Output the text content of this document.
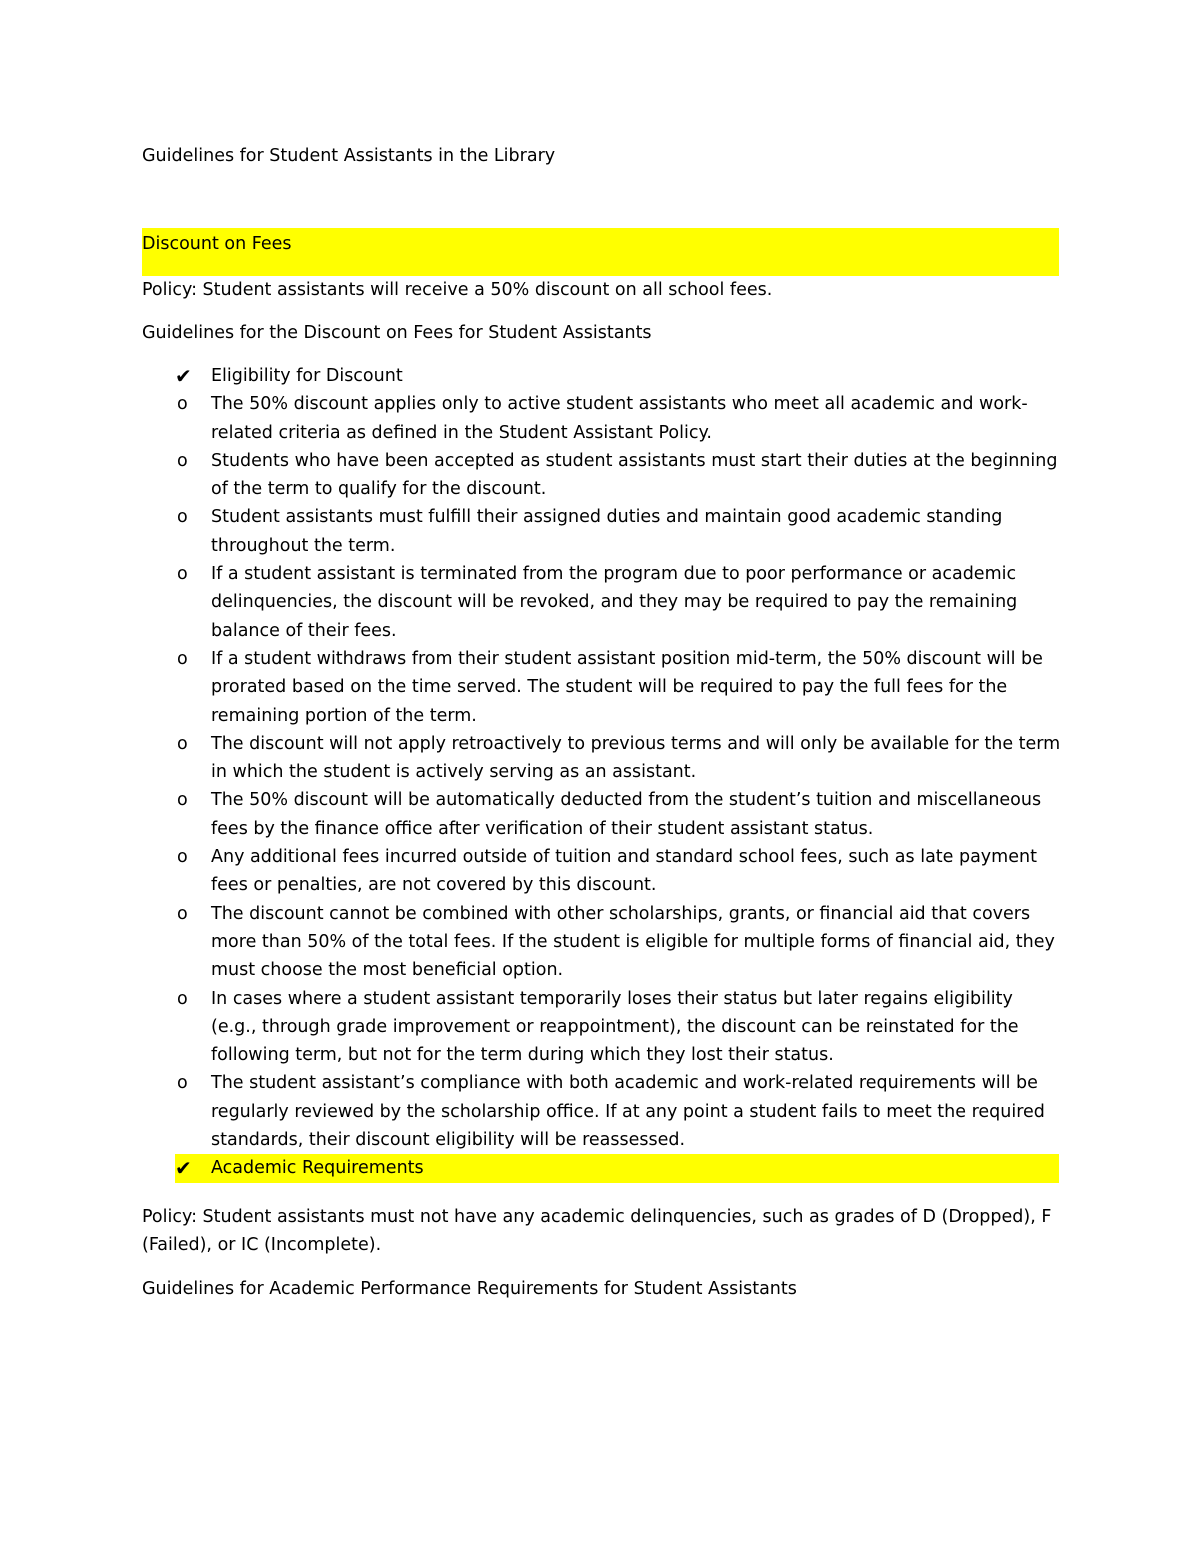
Guidelines for Student Assistants in the Library
Discount on Fees
Policy: Student assistants will receive a 50% discount on all school fees.
Guidelines for the Discount on Fees for Student Assistants
✔	Eligibility for Discount
o	The 50% discount applies only to active student assistants who meet all academic and work-related criteria as defined in the Student Assistant Policy.
o	Students who have been accepted as student assistants must start their duties at the beginning of the term to qualify for the discount.
o	Student assistants must fulfill their assigned duties and maintain good academic standing throughout the term.
o	If a student assistant is terminated from the program due to poor performance or academic delinquencies, the discount will be revoked, and they may be required to pay the remaining balance of their fees.
o	If a student withdraws from their student assistant position mid-term, the 50% discount will be prorated based on the time served. The student will be required to pay the full fees for the remaining portion of the term.
o	The discount will not apply retroactively to previous terms and will only be available for the term in which the student is actively serving as an assistant.
o	The 50% discount will be automatically deducted from the student’s tuition and miscellaneous fees by the finance office after verification of their student assistant status.
o	Any additional fees incurred outside of tuition and standard school fees, such as late payment fees or penalties, are not covered by this discount.
o	The discount cannot be combined with other scholarships, grants, or financial aid that covers more than 50% of the total fees. If the student is eligible for multiple forms of financial aid, they must choose the most beneficial option.
o	In cases where a student assistant temporarily loses their status but later regains eligibility (e.g., through grade improvement or reappointment), the discount can be reinstated for the following term, but not for the term during which they lost their status.
o	The student assistant’s compliance with both academic and work-related requirements will be regularly reviewed by the scholarship office. If at any point a student fails to meet the required standards, their discount eligibility will be reassessed.
✔	Academic Requirements
Policy: Student assistants must not have any academic delinquencies, such as grades of D (Dropped), F (Failed), or IC (Incomplete).
Guidelines for Academic Performance Requirements for Student Assistants
